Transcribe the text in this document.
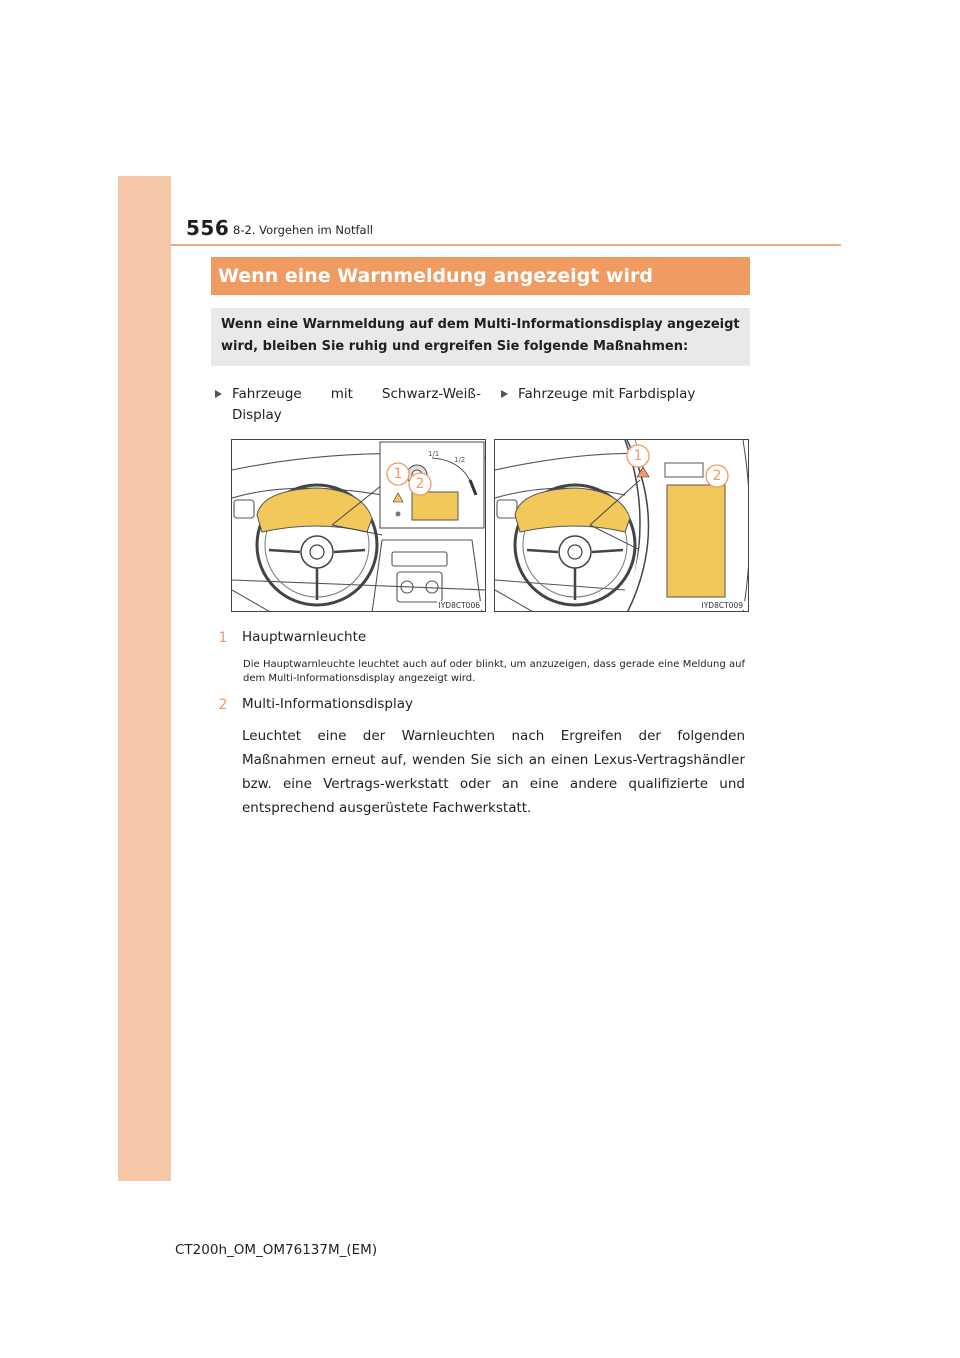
556 8-2. Vorgehen im Notfall
Wenn eine Warnmeldung angezeigt wird
Wenn eine Warnmeldung auf dem Multi-Informationsdisplay angezeigt wird, bleiben Sie ruhig und ergreifen Sie folgende Maßnahmen:
Fahrzeuge mit Schwarz-Weiß-Display
Fahrzeuge mit Farbdisplay
1/1
1/2
1
2
IYD8CT006
1
2
IYD8CT009
1 Hauptwarnleuchte
Die Hauptwarnleuchte leuchtet auch auf oder blinkt, um anzuzeigen, dass gerade eine Meldung auf dem Multi-Informationsdisplay angezeigt wird.
2 Multi-Informationsdisplay
Leuchtet eine der Warnleuchten nach Ergreifen der folgenden Maßnahmen erneut auf, wenden Sie sich an einen Lexus-Vertragshändler bzw. eine Vertrags-werkstatt oder an eine andere qualifizierte und entsprechend ausgerüstete Fachwerkstatt.
CT200h_OM_OM76137M_(EM)
